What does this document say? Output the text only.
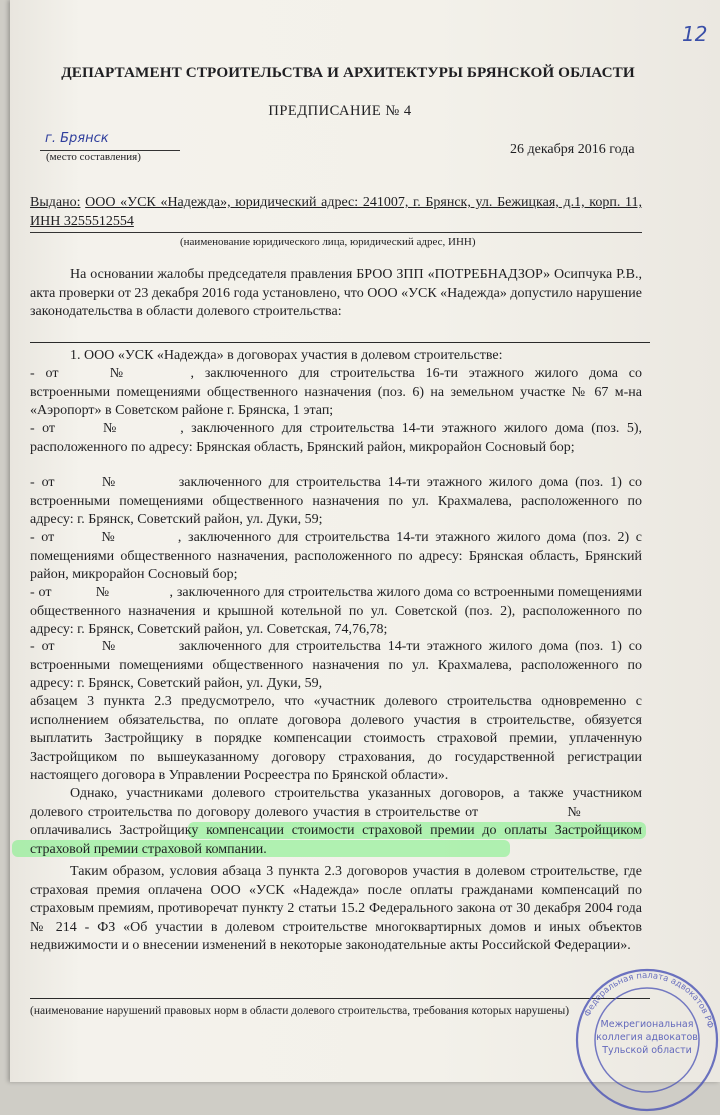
12
ДЕПАРТАМЕНТ СТРОИТЕЛЬСТВА И АРХИТЕКТУРЫ БРЯНСКОЙ ОБЛАСТИ
ПРЕДПИСАНИЕ № 4
г. Брянск
(место составления)	26 декабря 2016 года
Выдано: ООО «УСК «Надежда», юридический адрес: 241007, г. Брянск, ул. Бежицкая, д.1, корп. 11, ИНН 3255512554
(наименование юридического лица, юридический адрес, ИНН)
На основании жалобы председателя правления БРОО ЗПП «ПОТРЕБНАДЗОР» Осипчука Р.В., акта проверки от 23 декабря 2016 года установлено, что ООО «УСК «Надежда» допустило нарушение законодательства в области долевого строительства:
1. ООО «УСК «Надежда» в договорах участия в долевом строительстве:
- от	№	, заключенного для строительства 16-ти этажного жилого дома со встроенными помещениями общественного назначения (поз. 6) на земельном участке № 67 м-на «Аэропорт» в Советском районе г. Брянска, 1 этап;
- от	№	, заключенного для строительства 14-ти этажного жилого дома (поз. 5), расположенного по адресу: Брянская область, Брянский район, микрорайон Сосновый бор;
- от	№	заключенного для строительства 14-ти этажного жилого дома (поз. 1) со встроенными помещениями общественного назначения по ул. Крахмалева, расположенного по адресу: г. Брянск, Советский район, ул. Дуки, 59;
- от	№	, заключенного для строительства 14-ти этажного жилого дома (поз. 2) с помещениями общественного назначения, расположенного по адресу: Брянская область, Брянский район, микрорайон Сосновый бор;
- от	№	, заключенного для строительства жилого дома со встроенными помещениями общественного назначения и крышной котельной по ул. Советской (поз. 2), расположенного по адресу: г. Брянск, Советский район, ул. Советская, 74,76,78;
- от	№	заключенного для строительства 14-ти этажного жилого дома (поз. 1) со встроенными помещениями общественного назначения по ул. Крахмалева, расположенного по адресу: г. Брянск, Советский район, ул. Дуки, 59,
абзацем 3 пункта 2.3 предусмотрело, что «участник долевого строительства одновременно с исполнением обязательства, по оплате договора долевого участия в строительстве, обязуется выплатить Застройщику в порядке компенсации стоимость страховой премии, уплаченную Застройщиком по вышеуказанному договору страхования, до государственной регистрации настоящего договора в Управлении Росреестра по Брянской области».
Однако, участниками долевого строительства указанных договоров, а также участником долевого строительства по договору долевого участия в строительстве от	№оплачивались Застройщику компенсации стоимости страховой премии до оплаты Застройщиком страховой премии страховой компании.
Таким образом, условия абзаца 3 пункта 2.3 договоров участия в долевом строительстве, где страховая премия оплачена ООО «УСК «Надежда» после оплаты гражданами компенсаций по страховым премиям, противоречат пункту 2 статьи 15.2 Федерального закона от 30 декабря 2004 года № 214 - ФЗ «Об участии в долевом строительстве многоквартирных домов и иных объектов недвижимости и о внесении изменений в некоторые законодательные акты Российской Федерации».
(наименование нарушений правовых норм в области долевого строительства, требования которых нарушены) Федеральная палата адвокатов РФ
Межрегиональная
коллегия адвокатов
Тульской области
